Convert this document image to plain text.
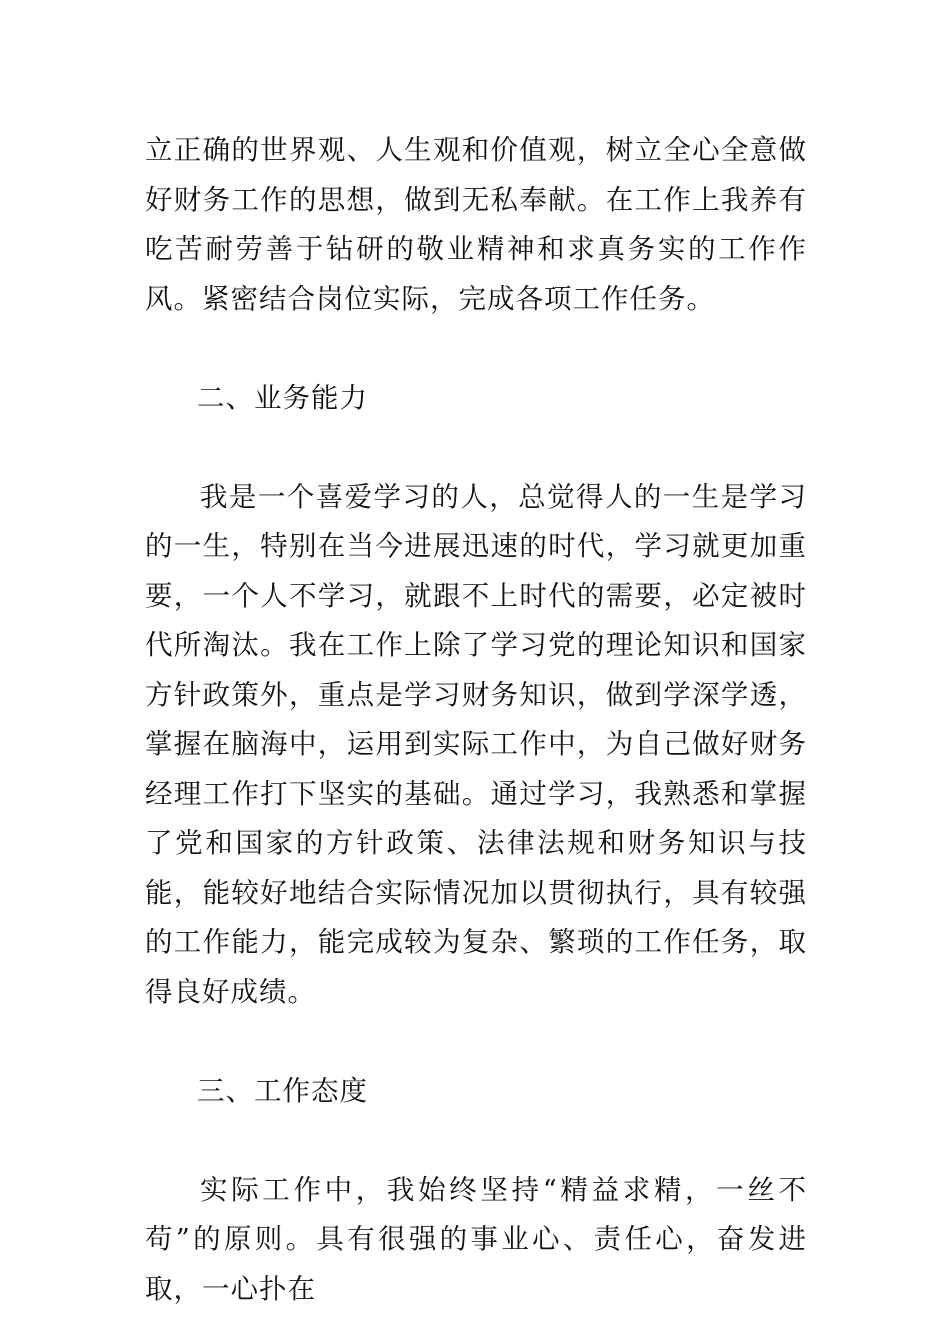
立正确的世界观、人生观和价值观，树立全心全意做好财务工作的思想，做到无私奉献。在工作上我养有吃苦耐劳善于钻研的敬业精神和求真务实的工作作风。紧密结合岗位实际，完成各项工作任务。

二、业务能力

我是一个喜爱学习的人，总觉得人的一生是学习的一生，特别在当今进展迅速的时代，学习就更加重要，一个人不学习，就跟不上时代的需要，必定被时代所淘汰。我在工作上除了学习党的理论知识和国家方针政策外，重点是学习财务知识，做到学深学透，掌握在脑海中，运用到实际工作中，为自己做好财务经理工作打下坚实的基础。通过学习，我熟悉和掌握了党和国家的方针政策、法律法规和财务知识与技能，能较好地结合实际情况加以贯彻执行，具有较强的工作能力，能完成较为复杂、繁琐的工作任务，取得良好成绩。

三、工作态度

实际工作中，我始终坚持“精益求精，一丝不苟”的原则。具有很强的事业心、责任心，奋发进取，一心扑在
